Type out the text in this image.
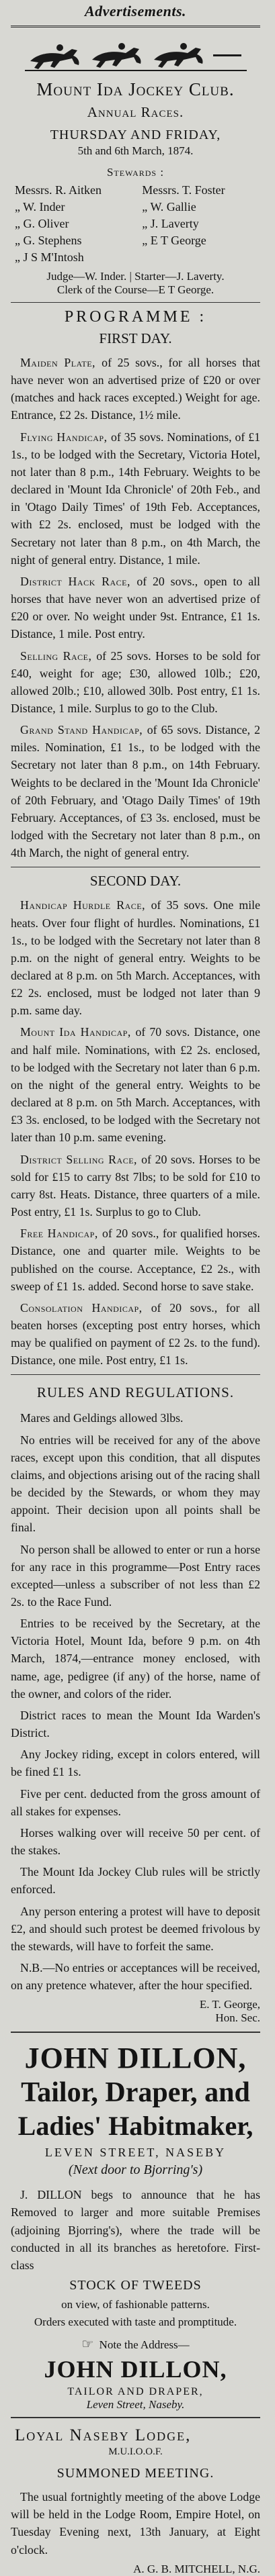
Advertisements.
Mount Ida Jockey Club.
Annual Races.
THURSDAY AND FRIDAY,
5th and 6th March, 1874.
Stewards :
Messrs. R. Aitken	Messrs. T. Foster
„ W. Inder	„ W. Gallie
„ G. Oliver	„ J. Laverty
„ G. Stephens	„ E T George
„ J S M'Intosh	
Judge—W. Inder. | Starter—J. Laverty.
Clerk of the Course—E T George.
PROGRAMME :
FIRST DAY.

Maiden Plate, of 25 sovs., for all horses that have never won an advertised prize of £20 or over (matches and hack races excepted.) Weight for age. Entrance, £2 2s. Distance, 1½ mile.

Flying Handicap, of 35 sovs. Nominations, of £1 1s., to be lodged with the Secretary, Victoria Hotel, not later than 8 p.m., 14th February. Weights to be declared in 'Mount Ida Chronicle' of 20th Feb., and in 'Otago Daily Times' of 19th Feb. Acceptances, with £2 2s. enclosed, must be lodged with the Secretary not later than 8 p.m., on 4th March, the night of general entry. Distance, 1 mile.

District Hack Race, of 20 sovs., open to all horses that have never won an advertised prize of £20 or over. No weight under 9st. Entrance, £1 1s. Distance, 1 mile. Post entry.

Selling Race, of 25 sovs. Horses to be sold for £40, weight for age; £30, allowed 10lb.; £20, allowed 20lb.; £10, allowed 30lb. Post entry, £1 1s. Distance, 1 mile. Surplus to go to the Club.

Grand Stand Handicap, of 65 sovs. Distance, 2 miles. Nomination, £1 1s., to be lodged with the Secretary not later than 8 p.m., on 14th February. Weights to be declared in the 'Mount Ida Chronicle' of 20th February, and 'Otago Daily Times' of 19th February. Acceptances, of £3 3s. enclosed, must be lodged with the Secretary not later than 8 p.m., on 4th March, the night of general entry.

SECOND DAY.

Handicap Hurdle Race, of 35 sovs. One mile heats. Over four flight of hurdles. Nominations, £1 1s., to be lodged with the Secretary not later than 8 p.m. on the night of general entry. Weights to be declared at 8 p.m. on 5th March. Acceptances, with £2 2s. enclosed, must be lodged not later than 9 p.m. same day.

Mount Ida Handicap, of 70 sovs. Distance, one and half mile. Nominations, with £2 2s. enclosed, to be lodged with the Secretary not later than 6 p.m. on the night of the general entry. Weights to be declared at 8 p.m. on 5th March. Acceptances, with £3 3s. enclosed, to be lodged with the Secretary not later than 10 p.m. same evening.

District Selling Race, of 20 sovs. Horses to be sold for £15 to carry 8st 7lbs; to be sold for £10 to carry 8st. Heats. Distance, three quarters of a mile. Post entry, £1 1s. Surplus to go to Club.

Free Handicap, of 20 sovs., for qualified horses. Distance, one and quarter mile. Weights to be published on the course. Acceptance, £2 2s., with sweep of £1 1s. added. Second horse to save stake.

Consolation Handicap, of 20 sovs., for all beaten horses (excepting post entry horses, which may be qualified on payment of £2 2s. to the fund). Distance, one mile. Post entry, £1 1s.

RULES AND REGULATIONS.

Mares and Geldings allowed 3lbs.

No entries will be received for any of the above races, except upon this condition, that all disputes claims, and objections arising out of the racing shall be decided by the Stewards, or whom they may appoint. Their decision upon all points shall be final.

No person shall be allowed to enter or run a horse for any race in this programme—Post Entry races excepted—unless a subscriber of not less than £2 2s. to the Race Fund.

Entries to be received by the Secretary, at the Victoria Hotel, Mount Ida, before 9 p.m. on 4th March, 1874,—entrance money enclosed, with name, age, pedigree (if any) of the horse, name of the owner, and colors of the rider.

District races to mean the Mount Ida Warden's District.

Any Jockey riding, except in colors entered, will be fined £1 1s.

Five per cent. deducted from the gross amount of all stakes for expenses.

Horses walking over will receive 50 per cent. of the stakes.

The Mount Ida Jockey Club rules will be strictly enforced.

Any person entering a protest will have to deposit £2, and should such protest be deemed frivolous by the stewards, will have to forfeit the same.

N.B.—No entries or acceptances will be received, on any pretence whatever, after the hour specified.

E. T. George,
Hon. Sec.
JOHN DILLON,
Tailor, Draper, and
Ladies' Habitmaker,
LEVEN STREET, NASEBY
(Next door to Bjorring's)

J. DILLON begs to announce that he has Removed to larger and more suitable Premises (adjoining Bjorring's), where the trade will be conducted in all its branches as heretofore. First-class

STOCK OF TWEEDS
on view, of fashionable patterns.
Orders executed with taste and promptitude.
☞ Note the Address—
JOHN DILLON,
TAILOR AND DRAPER,
Leven Street, Naseby.
Loyal Naseby Lodge,
M.U.I.O.O.F.
SUMMONED MEETING.

The usual fortnightly meeting of the above Lodge will be held in the Lodge Room, Empire Hotel, on Tuesday Evening next, 13th January, at Eight o'clock.

A. G. B. MITCHELL, N.G.
